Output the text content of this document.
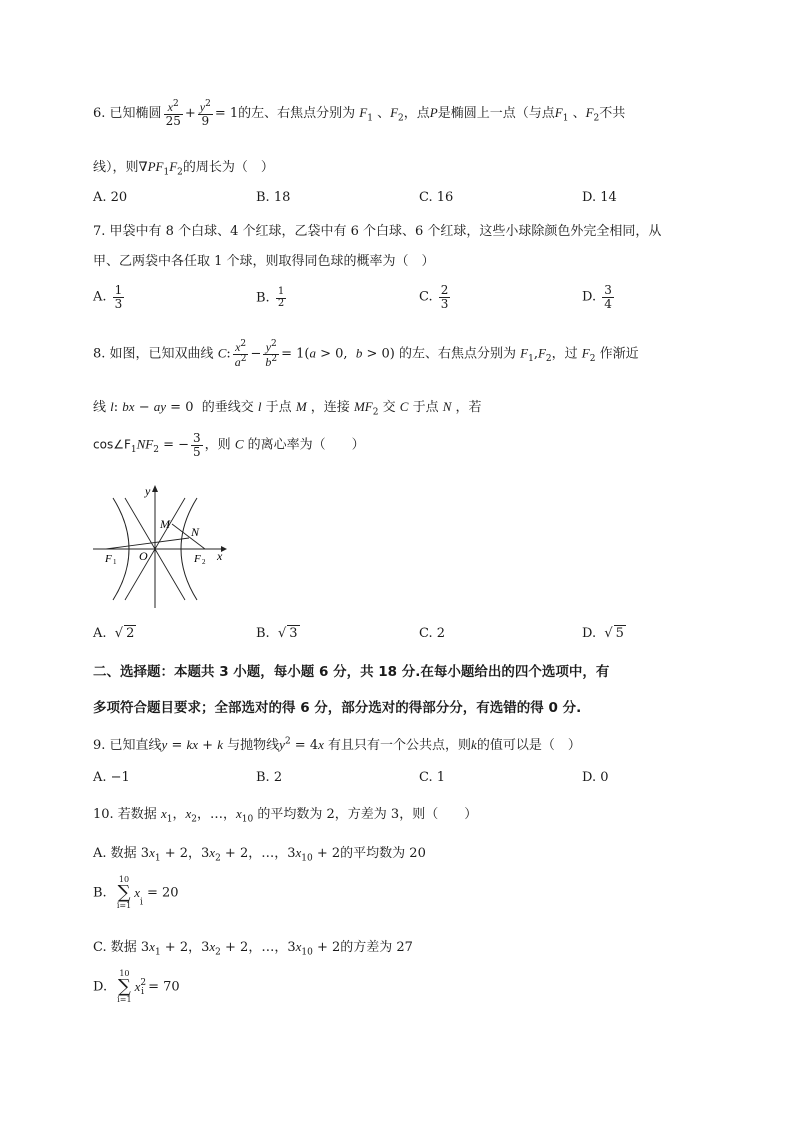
6. 已知椭圆 $\frac{x^2}{25} + \frac{y^2}{9} = 1$的左、右焦点分别为 $F_1$ 、$F_2$，点P是椭圆上一点（与点$F_1$ 、$F_2$不共
线），则$\nabla PF_1F_2$的周长为（　）
A. 20	B. 18	C. 16	D. 14
7. 甲袋中有 8 个白球、4 个红球，乙袋中有 6 个白球、6 个红球，这些小球除颜色外完全相同，从
甲、乙两袋中各任取 1 个球，则取得同色球的概率为（　）
A. $\frac{1}{3}$	B. $\frac{1}{2}$	C. $\frac{2}{3}$	D. $\frac{3}{4}$
8. 如图，已知双曲线 C: $\frac{x^2}{a^2} - \frac{y^2}{b^2} = 1(a > 0$,  b > 0) 的左、右焦点分别为 $F_1,F_2$，过 $F_2$ 作渐近
线 l: bx − ay = 0  的垂线交 l 于点 M ，连接 $MF_2$ 交 C 于点 N ，若
$\cos\angle F_1NF_2$ = − $\frac{3}{5}$ ，则 C 的离心率为（　　）
y
x
M
N
O
F 1	F 2
A.  √ 2	B.  √ 3	C. 2	D.  √ 5
二、选择题：本题共 3 小题，每小题 6 分，共 18 分.在每小题给出的四个选项中，有
多项符合题目要求；全部选对的得 6 分，部分选对的得部分分，有选错的得 0 分.
9. 已知直线y = kx + k 与抛物线$y^2 = 4x$ 有且只有一个公共点，则k的值可以是（　）
A. −1	B. 2	C. 1	D. 0
10. 若数据 $x_1$，$x_2$，…，$x_{10}$ 的平均数为 2，方差为 3，则（　　）
A. 数据 $3x_1 + 2$，$3x_2 + 2$，…，$3x_{10} + 2$的平均数为 20
B.
10
∑
i=1
$x_i = 20$
C. 数据 $3x_1 + 2$，$3x_2 + 2$，…，$3x_{10} + 2$的方差为 27
D.
10
∑
i=1
$x^2_i = 70$
